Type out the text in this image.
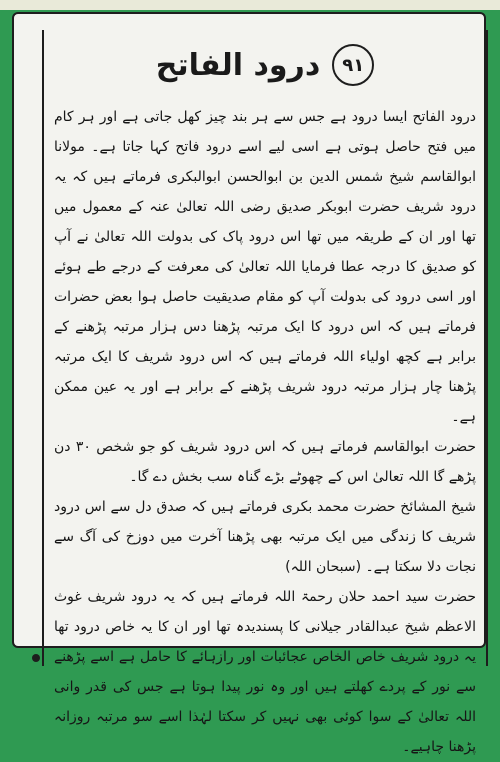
۹۱
درود الفاتح

درود الفاتح ایسا درود ہے جس سے ہر بند چیز کھل جاتی ہے اور ہر کام میں فتح حاصل ہوتی ہے اسی لیے اسے درود فاتح کہا جاتا ہے۔ مولانا ابوالقاسم شیخ شمس الدین بن ابوالحسن ابوالبکری فرماتے ہیں کہ یہ درود شریف حضرت ابوبکر صدیق رضی اللہ تعالیٰ عنہ کے معمول میں تھا اور ان کے طریقہ میں تھا اس درود پاک کی بدولت اللہ تعالیٰ نے آپ کو صدیق کا درجہ عطا فرمایا اللہ تعالیٰ کی معرفت کے درجے طے ہوئے اور اسی درود کی بدولت آپ کو مقام صدیقیت حاصل ہوا بعض حضرات فرماتے ہیں کہ اس درود کا ایک مرتبہ پڑھنا دس ہزار مرتبہ پڑھنے کے برابر ہے کچھ اولیاء اللہ فرماتے ہیں کہ اس درود شریف کا ایک مرتبہ پڑھنا چار ہزار مرتبہ درود شریف پڑھنے کے برابر ہے اور یہ عین ممکن ہے۔

حضرت ابوالقاسم فرماتے ہیں کہ اس درود شریف کو جو شخص ۳۰ دن پڑھے گا اللہ تعالیٰ اس کے چھوٹے بڑے گناہ سب بخش دے گا۔

شیخ المشائخ حضرت محمد بکری فرماتے ہیں کہ صدق دل سے اس درود شریف کا زندگی میں ایک مرتبہ بھی پڑھنا آخرت میں دوزخ کی آگ سے نجات دلا سکتا ہے۔ (سبحان اللہ)

حضرت سید احمد حلان رحمۃ اللہ فرماتے ہیں کہ یہ درود شریف غوث الاعظم شیخ عبدالقادر جیلانی کا پسندیدہ تھا اور ان کا یہ خاص درود تھا یہ درود شریف خاص الخاص عجائبات اور رازہائے کا حامل ہے اسے پڑھنے سے نور کے پردے کھلتے ہیں اور وہ نور پیدا ہوتا ہے جس کی قدر وانی اللہ تعالیٰ کے سوا کوئی بھی نہیں کر سکتا لہٰذا اسے سو مرتبہ روزانہ پڑھنا چاہیے۔
